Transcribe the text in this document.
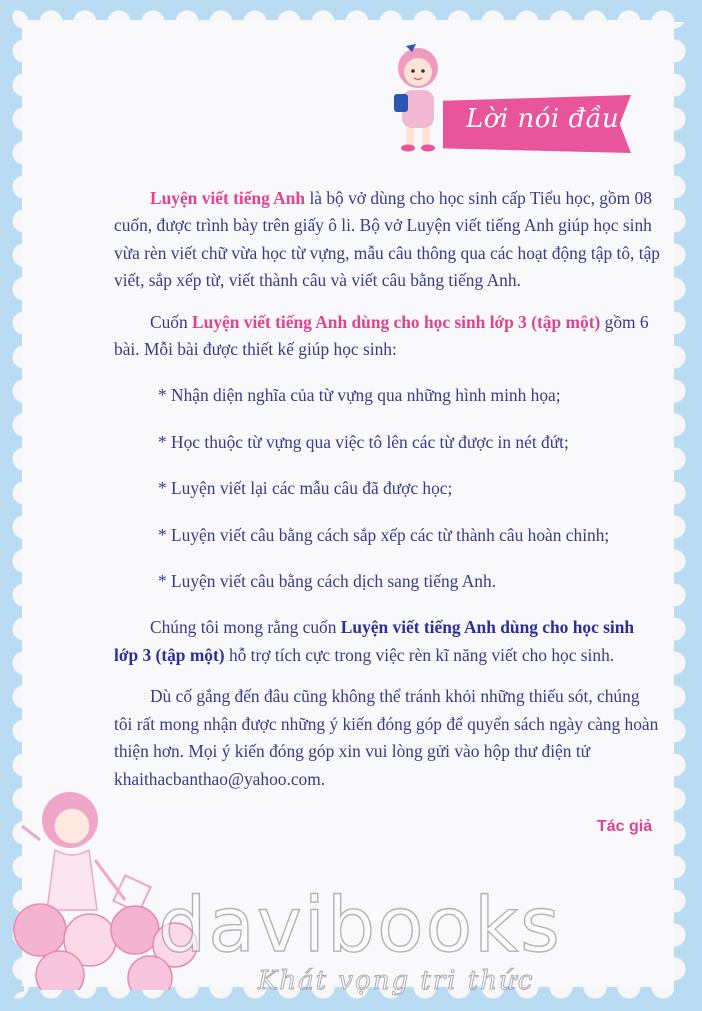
Lời nói đầu

Luyện viết tiếng Anh là bộ vở dùng cho học sinh cấp Tiểu học, gồm 08 cuốn, được trình bày trên giấy ô li. Bộ vở Luyện viết tiếng Anh giúp học sinh vừa rèn viết chữ vừa học từ vựng, mẫu câu thông qua các hoạt động tập tô, tập viết, sắp xếp từ, viết thành câu và viết câu bằng tiếng Anh.

Cuốn Luyện viết tiếng Anh dùng cho học sinh lớp 3 (tập một) gồm 6 bài. Mỗi bài được thiết kế giúp học sinh:

* Nhận diện nghĩa của từ vựng qua những hình minh họa;

* Học thuộc từ vựng qua việc tô lên các từ được in nét đứt;

* Luyện viết lại các mẫu câu đã được học;

* Luyện viết câu bằng cách sắp xếp các từ thành câu hoàn chỉnh;

* Luyện viết câu bằng cách dịch sang tiếng Anh.

Chúng tôi mong rằng cuốn Luyện viết tiếng Anh dùng cho học sinh lớp 3 (tập một) hỗ trợ tích cực trong việc rèn kĩ năng viết cho học sinh.

Dù cố gắng đến đâu cũng không thể tránh khỏi những thiếu sót, chúng tôi rất mong nhận được những ý kiến đóng góp để quyển sách ngày càng hoàn thiện hơn. Mọi ý kiến đóng góp xin vui lòng gửi vào hộp thư điện tử khaithacbanthao@yahoo.com.

Tác giả
davibooks
Khát vọng tri thức
